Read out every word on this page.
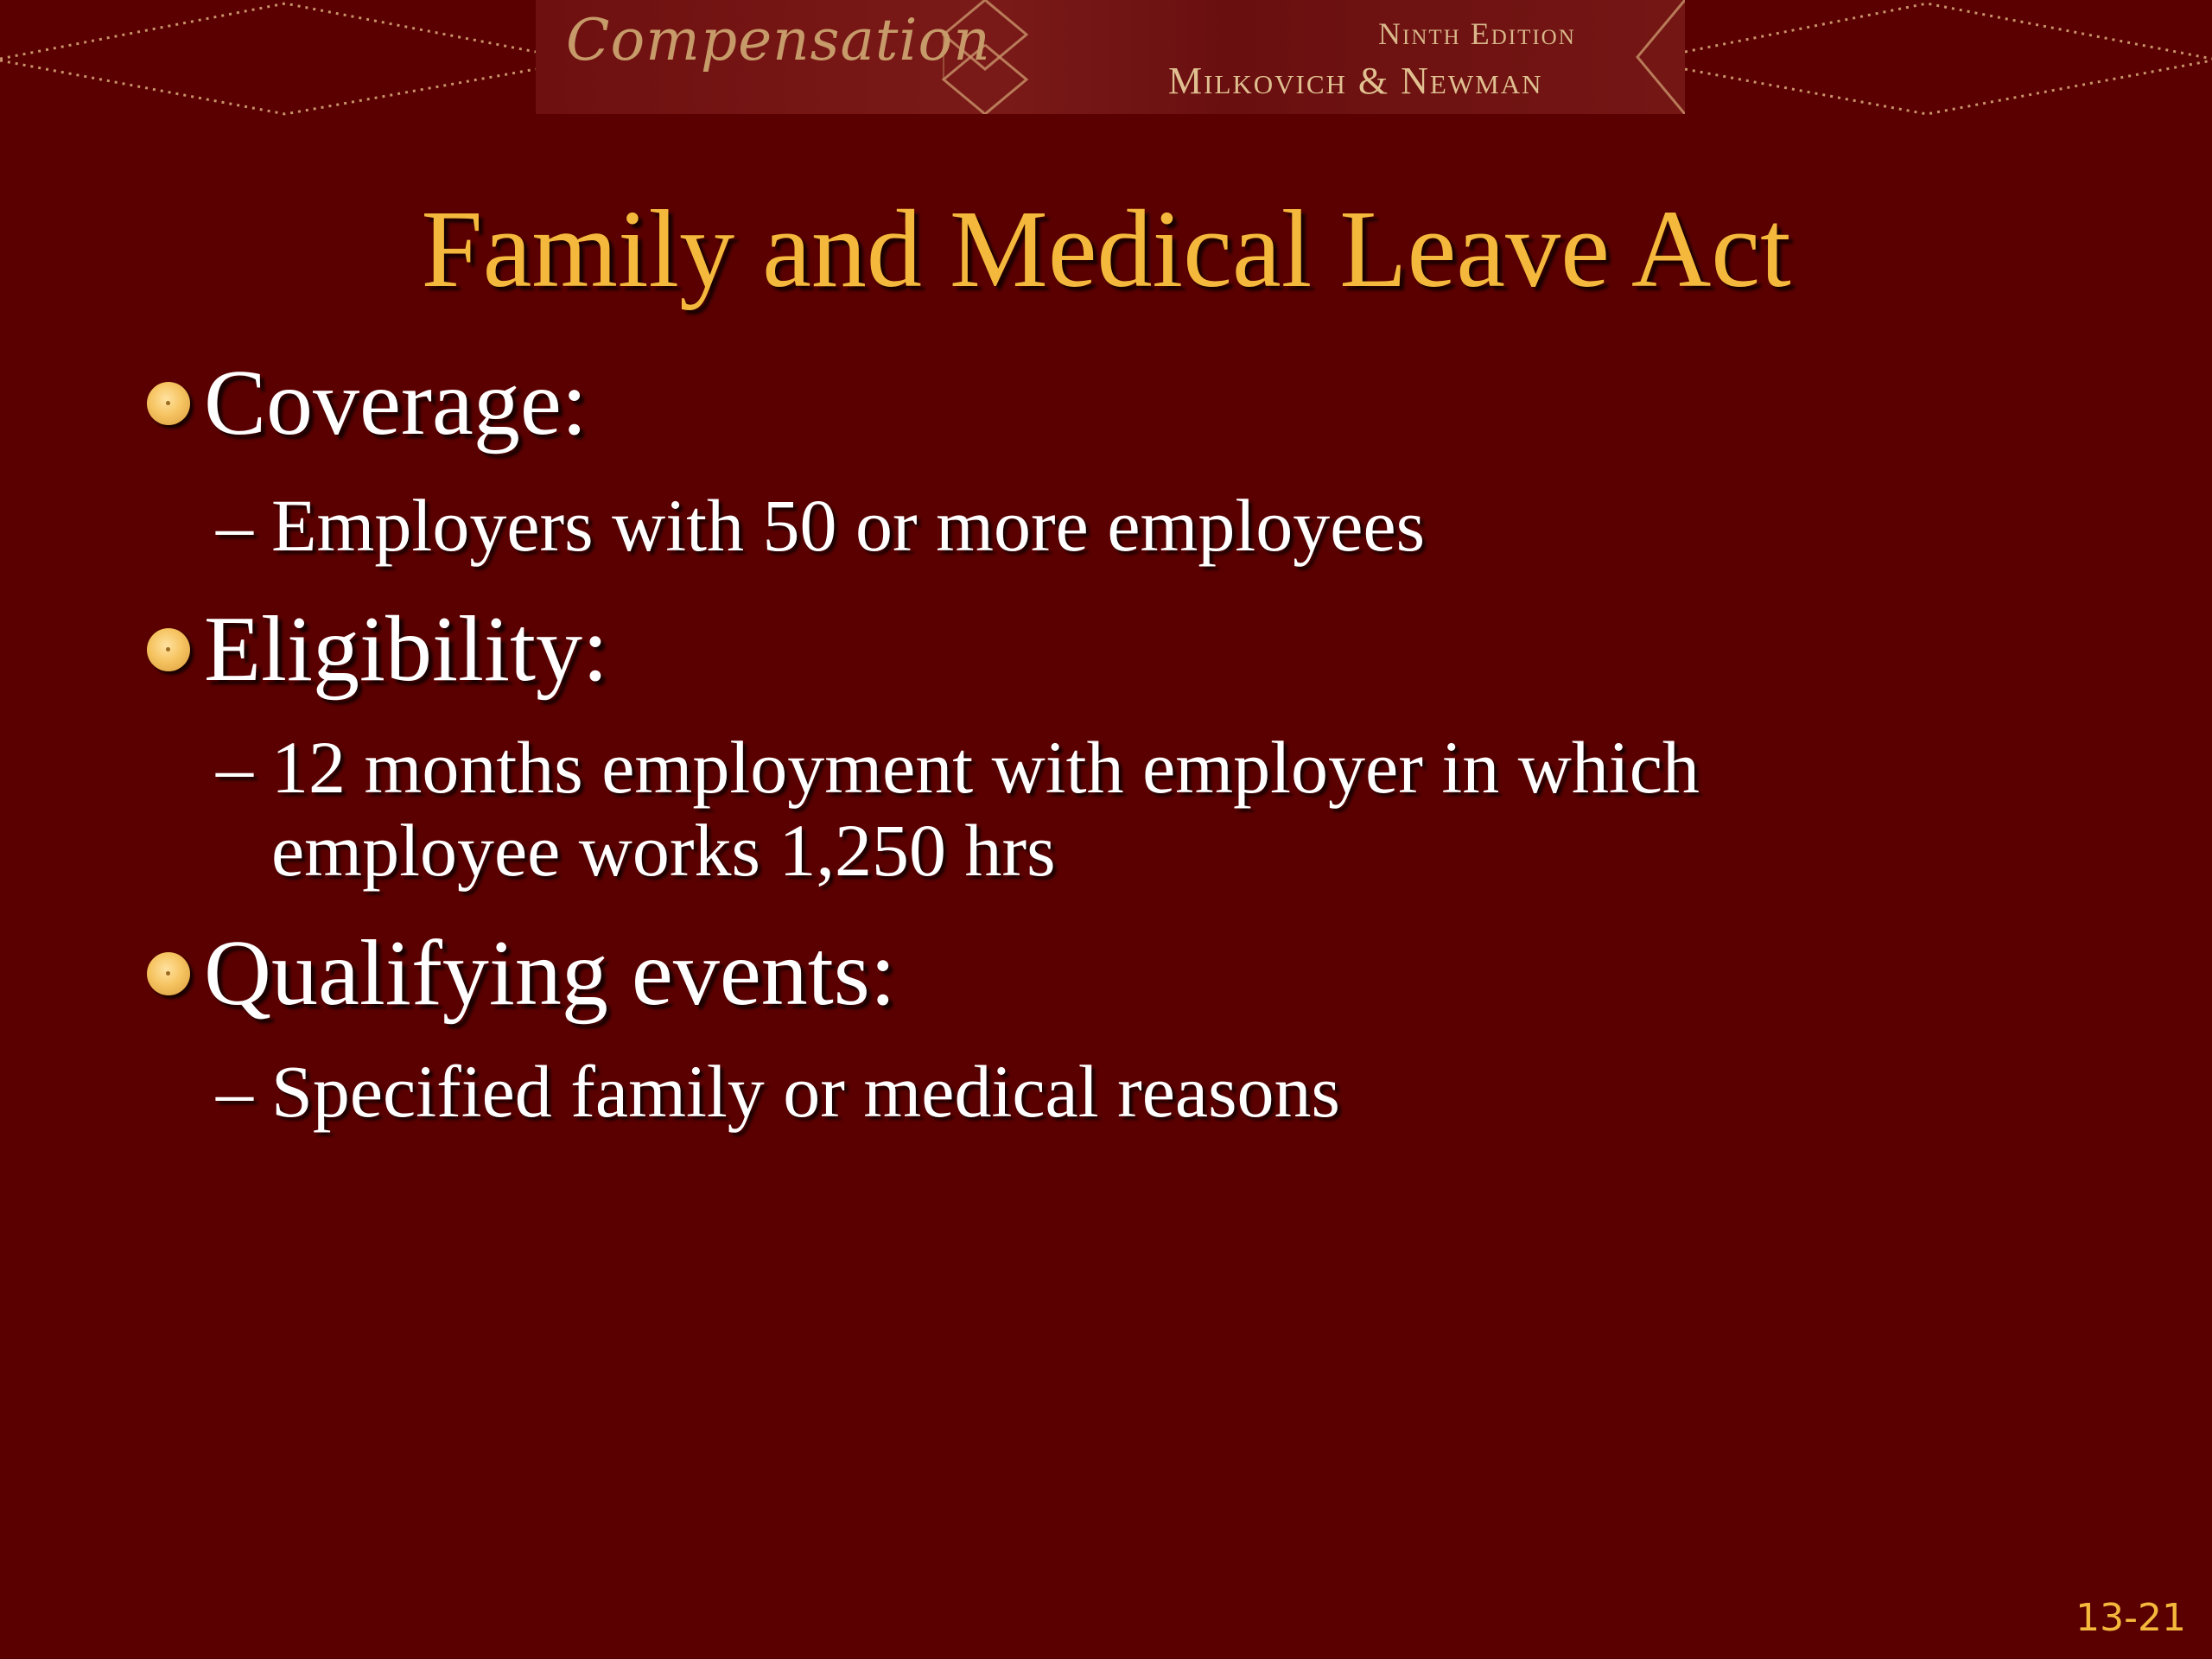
Compensation	Ninth Edition
Milkovich & Newman
Family and Medical Leave Act
Coverage:
– Employers with 50 or more employees
Eligibility:
– 12 months employment with employer in which
employee works 1,250 hrs
Qualifying events:
– Specified family or medical reasons
13-21
